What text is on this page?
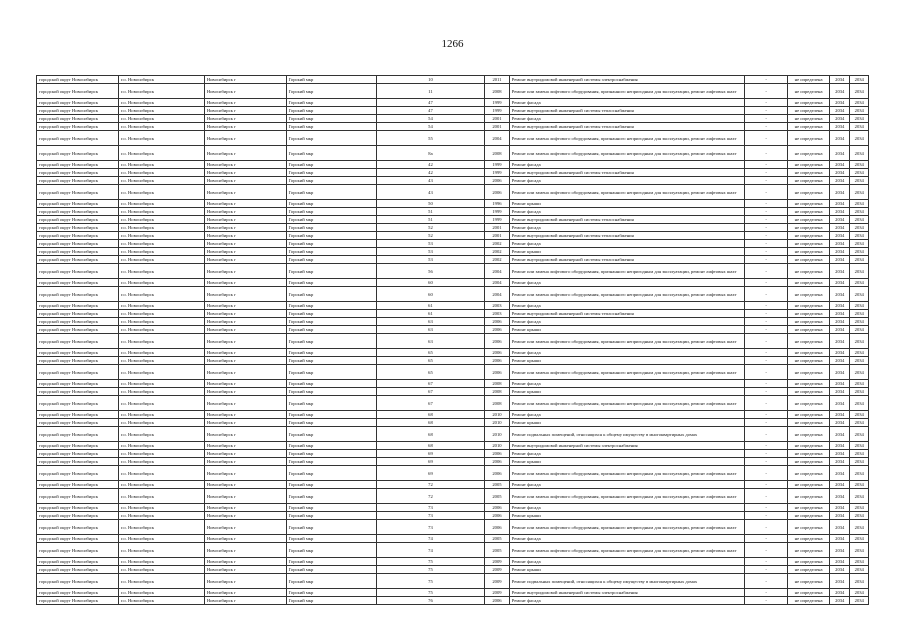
1266
городской округ Новосибирск	г.о. Новосибирск	Новосибирск г	Горский мкр	10	2011	Ремонт внутридомовой инженерной системы электроснабжения	-	не определена	2034	2034
городской округ Новосибирск	г.о. Новосибирск	Новосибирск г	Горский мкр	11	2008	Ремонт или замена лифтового оборудования, признанного непригодным для эксплуатации, ремонт лифтовых шахт	-	не определена	2034	2034
городской округ Новосибирск	г.о. Новосибирск	Новосибирск г	Горский мкр	47	1999	Ремонт фасада	-	не определена	2034	2034
городской округ Новосибирск	г.о. Новосибирск	Новосибирск г	Горский мкр	47	1999	Ремонт внутридомовой инженерной системы теплоснабжения	-	не определена	2034	2034
городской округ Новосибирск	г.о. Новосибирск	Новосибирск г	Горский мкр	54	2001	Ремонт фасада	-	не определена	2034	2034
городской округ Новосибирск	г.о. Новосибирск	Новосибирск г	Горский мкр	54	2001	Ремонт внутридомовой инженерной системы теплоснабжения	-	не определена	2034	2034
городской округ Новосибирск	г.о. Новосибирск	Новосибирск г	Горский мкр	55	2004	Ремонт или замена лифтового оборудования, признанного непригодным для эксплуатации, ремонт лифтовых шахт	-	не определена	2034	2034
городской округ Новосибирск	г.о. Новосибирск	Новосибирск г	Горский мкр	8а	2008	Ремонт или замена лифтового оборудования, признанного непригодным для эксплуатации, ремонт лифтовых шахт	-	не определена	2034	2034
городской округ Новосибирск	г.о. Новосибирск	Новосибирск г	Горский мкр	42	1999	Ремонт фасада	-	не определена	2034	2034
городской округ Новосибирск	г.о. Новосибирск	Новосибирск г	Горский мкр	42	1999	Ремонт внутридомовой инженерной системы теплоснабжения	-	не определена	2034	2034
городской округ Новосибирск	г.о. Новосибирск	Новосибирск г	Горский мкр	43	2006	Ремонт фасада	-	не определена	2034	2034
городской округ Новосибирск	г.о. Новосибирск	Новосибирск г	Горский мкр	43	2006	Ремонт или замена лифтового оборудования, признанного непригодным для эксплуатации, ремонт лифтовых шахт	-	не определена	2034	2034
городской округ Новосибирск	г.о. Новосибирск	Новосибирск г	Горский мкр	50	1996	Ремонт крыши	-	не определена	2034	2034
городской округ Новосибирск	г.о. Новосибирск	Новосибирск г	Горский мкр	51	1999	Ремонт фасада	-	не определена	2034	2034
городской округ Новосибирск	г.о. Новосибирск	Новосибирск г	Горский мкр	51	1999	Ремонт внутридомовой инженерной системы теплоснабжения	-	не определена	2034	2034
городской округ Новосибирск	г.о. Новосибирск	Новосибирск г	Горский мкр	52	2001	Ремонт фасада	-	не определена	2034	2034
городской округ Новосибирск	г.о. Новосибирск	Новосибирск г	Горский мкр	52	2001	Ремонт внутридомовой инженерной системы теплоснабжения	-	не определена	2034	2034
городской округ Новосибирск	г.о. Новосибирск	Новосибирск г	Горский мкр	53	2002	Ремонт фасада	-	не определена	2034	2034
городской округ Новосибирск	г.о. Новосибирск	Новосибирск г	Горский мкр	53	2002	Ремонт крыши	-	не определена	2034	2034
городской округ Новосибирск	г.о. Новосибирск	Новосибирск г	Горский мкр	53	2002	Ремонт внутридомовой инженерной системы теплоснабжения	-	не определена	2034	2034
городской округ Новосибирск	г.о. Новосибирск	Новосибирск г	Горский мкр	56	2004	Ремонт или замена лифтового оборудования, признанного непригодным для эксплуатации, ремонт лифтовых шахт	-	не определена	2034	2034
городской округ Новосибирск	г.о. Новосибирск	Новосибирск г	Горский мкр	60	2004	Ремонт фасада	-	не определена	2034	2034
городской округ Новосибирск	г.о. Новосибирск	Новосибирск г	Горский мкр	60	2004	Ремонт или замена лифтового оборудования, признанного непригодным для эксплуатации, ремонт лифтовых шахт	-	не определена	2034	2034
городской округ Новосибирск	г.о. Новосибирск	Новосибирск г	Горский мкр	61	2003	Ремонт фасада	-	не определена	2034	2034
городской округ Новосибирск	г.о. Новосибирск	Новосибирск г	Горский мкр	61	2003	Ремонт внутридомовой инженерной системы теплоснабжения	-	не определена	2034	2034
городской округ Новосибирск	г.о. Новосибирск	Новосибирск г	Горский мкр	63	2006	Ремонт фасада	-	не определена	2034	2034
городской округ Новосибирск	г.о. Новосибирск	Новосибирск г	Горский мкр	63	2006	Ремонт крыши	-	не определена	2034	2034
городской округ Новосибирск	г.о. Новосибирск	Новосибирск г	Горский мкр	63	2006	Ремонт или замена лифтового оборудования, признанного непригодным для эксплуатации, ремонт лифтовых шахт	-	не определена	2034	2034
городской округ Новосибирск	г.о. Новосибирск	Новосибирск г	Горский мкр	65	2006	Ремонт фасада	-	не определена	2034	2034
городской округ Новосибирск	г.о. Новосибирск	Новосибирск г	Горский мкр	65	2006	Ремонт крыши	-	не определена	2034	2034
городской округ Новосибирск	г.о. Новосибирск	Новосибирск г	Горский мкр	65	2006	Ремонт или замена лифтового оборудования, признанного непригодным для эксплуатации, ремонт лифтовых шахт	-	не определена	2034	2034
городской округ Новосибирск	г.о. Новосибирск	Новосибирск г	Горский мкр	67	2008	Ремонт фасада	-	не определена	2034	2034
городской округ Новосибирск	г.о. Новосибирск	Новосибирск г	Горский мкр	67	2008	Ремонт крыши	-	не определена	2034	2034
городской округ Новосибирск	г.о. Новосибирск	Новосибирск г	Горский мкр	67	2008	Ремонт или замена лифтового оборудования, признанного непригодным для эксплуатации, ремонт лифтовых шахт	-	не определена	2034	2034
городской округ Новосибирск	г.о. Новосибирск	Новосибирск г	Горский мкр	68	2010	Ремонт фасада	-	не определена	2034	2034
городской округ Новосибирск	г.о. Новосибирск	Новосибирск г	Горский мкр	68	2010	Ремонт крыши	-	не определена	2034	2034
городской округ Новосибирск	г.о. Новосибирск	Новосибирск г	Горский мкр	68	2010	Ремонт подвальных помещений, относящихся к общему имуществу в многоквартирных домах	-	не определена	2034	2034
городской округ Новосибирск	г.о. Новосибирск	Новосибирск г	Горский мкр	68	2010	Ремонт внутридомовой инженерной системы электроснабжения	-	не определена	2034	2034
городской округ Новосибирск	г.о. Новосибирск	Новосибирск г	Горский мкр	69	2006	Ремонт фасада	-	не определена	2034	2034
городской округ Новосибирск	г.о. Новосибирск	Новосибирск г	Горский мкр	69	2006	Ремонт крыши	-	не определена	2034	2034
городской округ Новосибирск	г.о. Новосибирск	Новосибирск г	Горский мкр	69	2006	Ремонт или замена лифтового оборудования, признанного непригодным для эксплуатации, ремонт лифтовых шахт	-	не определена	2034	2034
городской округ Новосибирск	г.о. Новосибирск	Новосибирск г	Горский мкр	72	2005	Ремонт фасада	-	не определена	2034	2034
городской округ Новосибирск	г.о. Новосибирск	Новосибирск г	Горский мкр	72	2005	Ремонт или замена лифтового оборудования, признанного непригодным для эксплуатации, ремонт лифтовых шахт	-	не определена	2034	2034
городской округ Новосибирск	г.о. Новосибирск	Новосибирск г	Горский мкр	73	2006	Ремонт фасада	-	не определена	2034	2034
городской округ Новосибирск	г.о. Новосибирск	Новосибирск г	Горский мкр	73	2006	Ремонт крыши	-	не определена	2034	2034
городской округ Новосибирск	г.о. Новосибирск	Новосибирск г	Горский мкр	73	2006	Ремонт или замена лифтового оборудования, признанного непригодным для эксплуатации, ремонт лифтовых шахт	-	не определена	2034	2034
городской округ Новосибирск	г.о. Новосибирск	Новосибирск г	Горский мкр	74	2005	Ремонт фасада	-	не определена	2034	2034
городской округ Новосибирск	г.о. Новосибирск	Новосибирск г	Горский мкр	74	2005	Ремонт или замена лифтового оборудования, признанного непригодным для эксплуатации, ремонт лифтовых шахт	-	не определена	2034	2034
городской округ Новосибирск	г.о. Новосибирск	Новосибирск г	Горский мкр	75	2009	Ремонт фасада	-	не определена	2034	2034
городской округ Новосибирск	г.о. Новосибирск	Новосибирск г	Горский мкр	75	2009	Ремонт крыши	-	не определена	2034	2034
городской округ Новосибирск	г.о. Новосибирск	Новосибирск г	Горский мкр	75	2009	Ремонт подвальных помещений, относящихся к общему имуществу в многоквартирных домах	-	не определена	2034	2034
городской округ Новосибирск	г.о. Новосибирск	Новосибирск г	Горский мкр	75	2009	Ремонт внутридомовой инженерной системы электроснабжения	-	не определена	2034	2034
городской округ Новосибирск	г.о. Новосибирск	Новосибирск г	Горский мкр	76	2006	Ремонт фасада	-	не определена	2034	2034
